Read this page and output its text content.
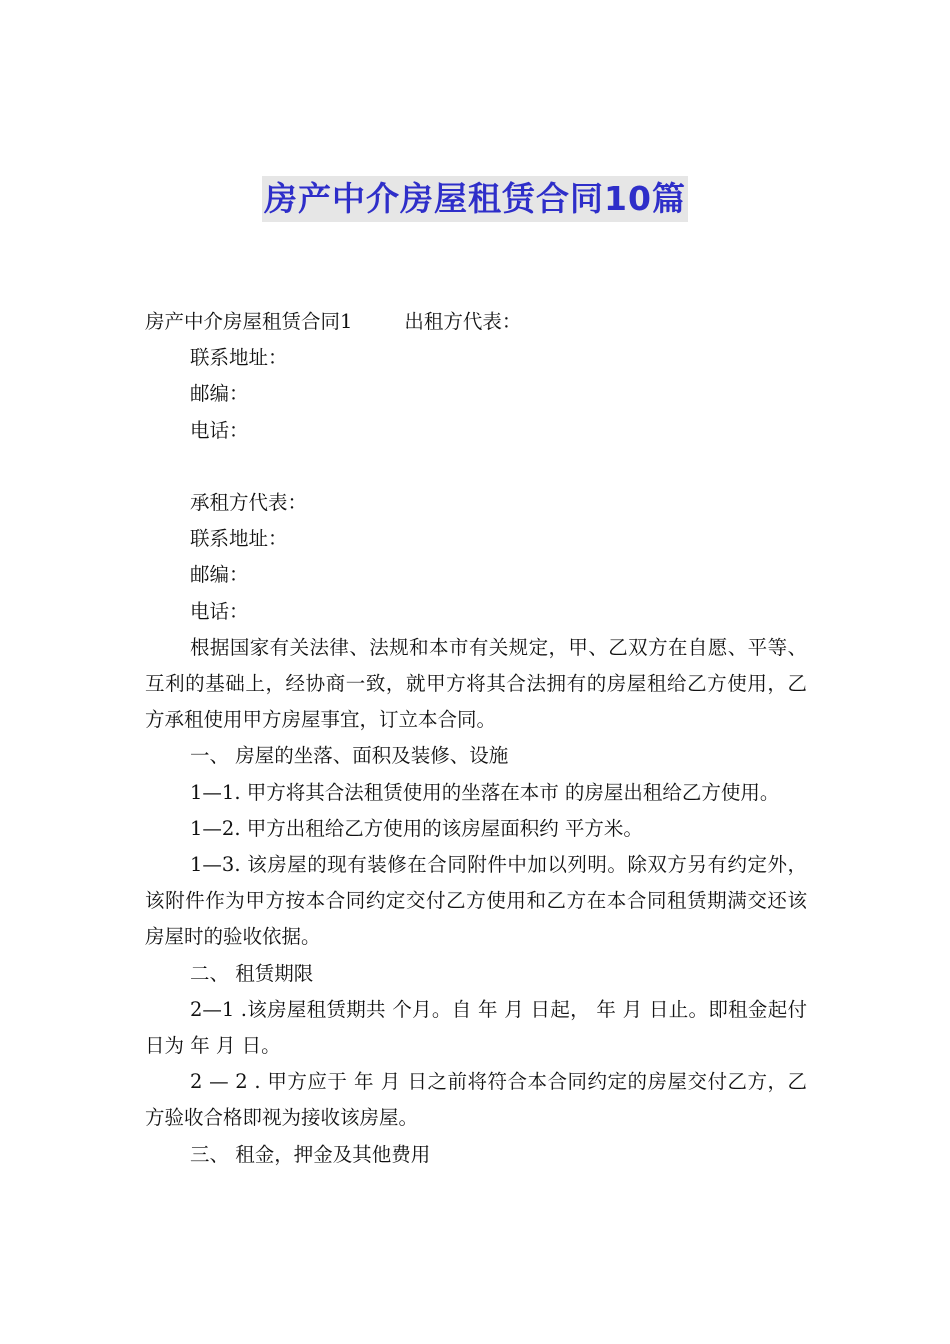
房产中介房屋租赁合同10篇
房产中介房屋租赁合同1	出租方代表：
联系地址：
邮编：
电话：
承租方代表：
联系地址：
邮编：
电话：
根据国家有关法律、法规和本市有关规定，甲、乙双方在自愿、平等、互利的基础上，经协商一致，就甲方将其合法拥有的房屋租给乙方使用，乙方承租使用甲方房屋事宜，订立本合同。
一、 房屋的坐落、面积及装修、设施
1—1. 甲方将其合法租赁使用的坐落在本市 的房屋出租给乙方使用。
1—2. 甲方出租给乙方使用的该房屋面积约 平方米。
1—3. 该房屋的现有装修在合同附件中加以列明。除双方另有约定外，该附件作为甲方按本合同约定交付乙方使用和乙方在本合同租赁期满交还该房屋时的验收依据。
二、 租赁期限
2—1 .该房屋租赁期共 个月。自 年 月 日起， 年 月 日止。即租金起付日为 年 月 日。
2 — 2 . 甲方应于 年 月 日之前将符合本合同约定的房屋交付乙方，乙方验收合格即视为接收该房屋。
三、 租金，押金及其他费用
